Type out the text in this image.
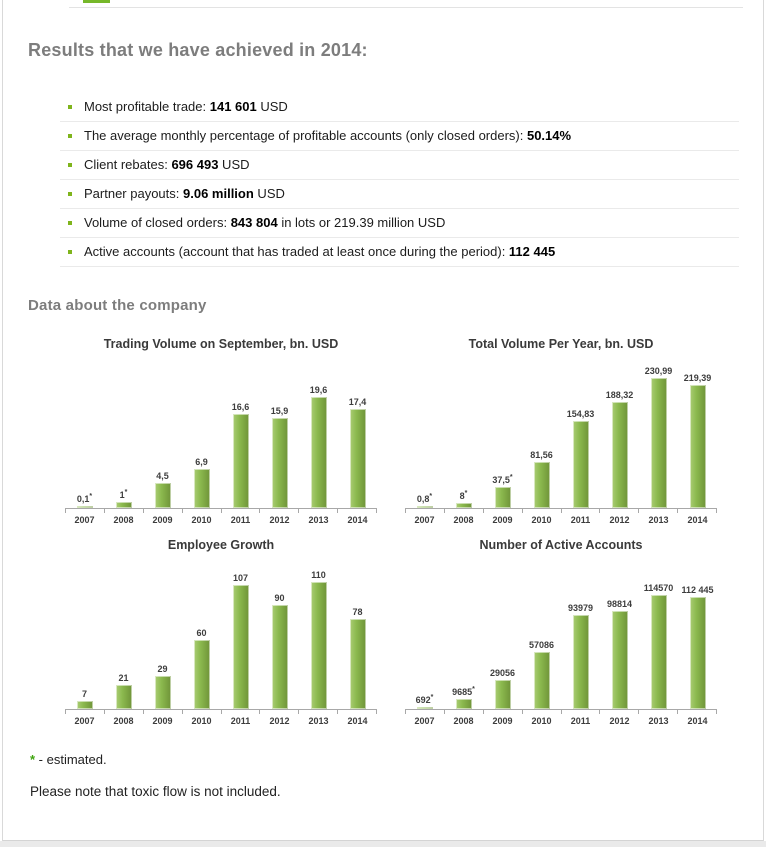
Results that we have achieved in 2014:
Most profitable trade: 141 601 USD
The average monthly percentage of profitable accounts (only closed orders): 50.14%
Client rebates: 696 493 USD
Partner payouts: 9.06 million USD
Volume of closed orders: 843 804 in lots or 219.39 million USD
Active accounts (account that has traded at least once during the period): 112 445
Data about the company
Trading Volume on September, bn. USD
0,1*	1*
4,5
6,9
16,6 15,9
19,6
17,4
2007	2008	2009	2010	2011	2012	2013	2014
Total Volume Per Year, bn. USD
0,8*	8*
37,5*
81,56
154,83
188,32
230,99
219,39
2007	2008	2009	2010	2011	2012	2013	2014
Employee Growth
7
21
29
60
107
90
110
78
2007	2008	2009	2010	2011	2012	2013	2014
Number of Active Accounts
692*
9685*
29056
57086
93979 98814
114570 112 445
2007	2008	2009	2010	2011	2012	2013	2014
* - estimated.
Please note that toxic flow is not included.
